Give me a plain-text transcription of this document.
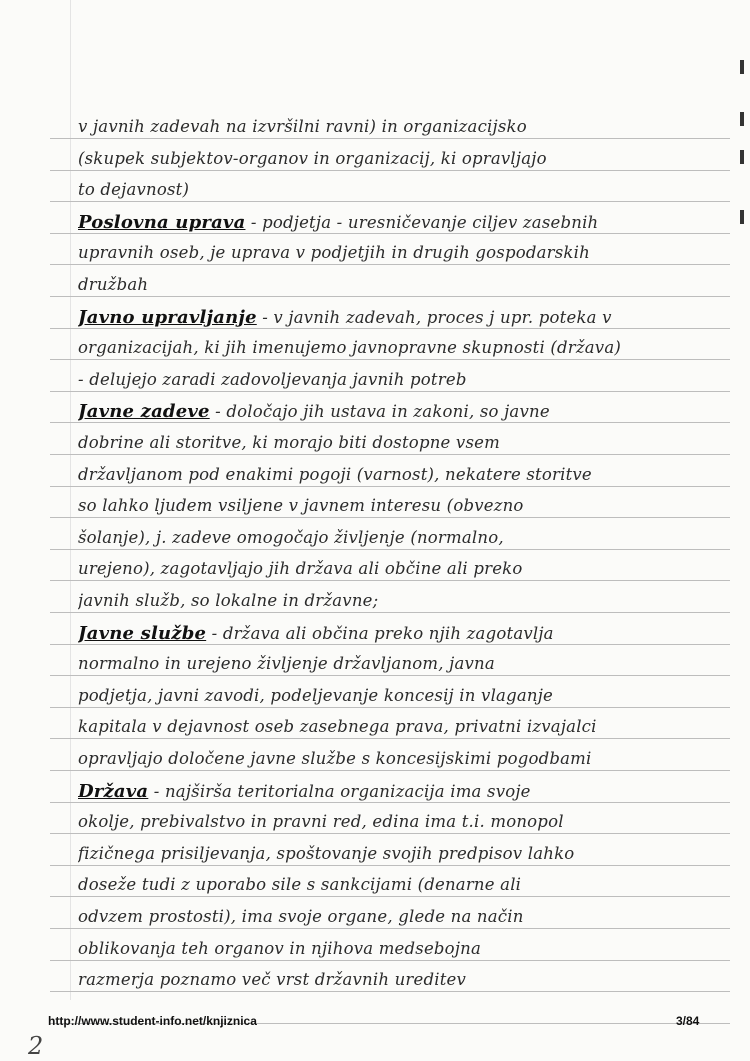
v javnih zadevah na izvršilni ravni) in organizacijsko
(skupek subjektov-organov in organizacij, ki opravljajo
to dejavnost)
Poslovna uprava - podjetja - uresničevanje ciljev zasebnih
upravnih oseb, je uprava v podjetjih in drugih gospodarskih
družbah
Javno upravljanje - v javnih zadevah, proces j upr. poteka v
organizacijah, ki jih imenujemo javnopravne skupnosti (država)
- delujejo zaradi zadovoljevanja javnih potreb
Javne zadeve - določajo jih ustava in zakoni, so javne
dobrine ali storitve, ki morajo biti dostopne vsem
državljanom pod enakimi pogoji (varnost), nekatere storitve
so lahko ljudem vsiljene v javnem interesu (obvezno
šolanje), j. zadeve omogočajo življenje (normalno,
urejeno), zagotavljajo jih država ali občine ali preko
javnih služb, so lokalne in državne;
Javne službe - država ali občina preko njih zagotavlja
normalno in urejeno življenje državljanom, javna
podjetja, javni zavodi, podeljevanje koncesij in vlaganje
kapitala v dejavnost oseb zasebnega prava, privatni izvajalci
opravljajo določene javne službe s koncesijskimi pogodbami
Država - najširša teritorialna organizacija ima svoje
okolje, prebivalstvo in pravni red, edina ima t.i. monopol
fizičnega prisiljevanja, spoštovanje svojih predpisov lahko
doseže tudi z uporabo sile s sankcijami (denarne ali
odvzem prostosti), ima svoje organe, glede na način
oblikovanja teh organov in njihova medsebojna
razmerja poznamo več vrst državnih ureditev
http://www.student-info.net/knjiznica	3/84
2
